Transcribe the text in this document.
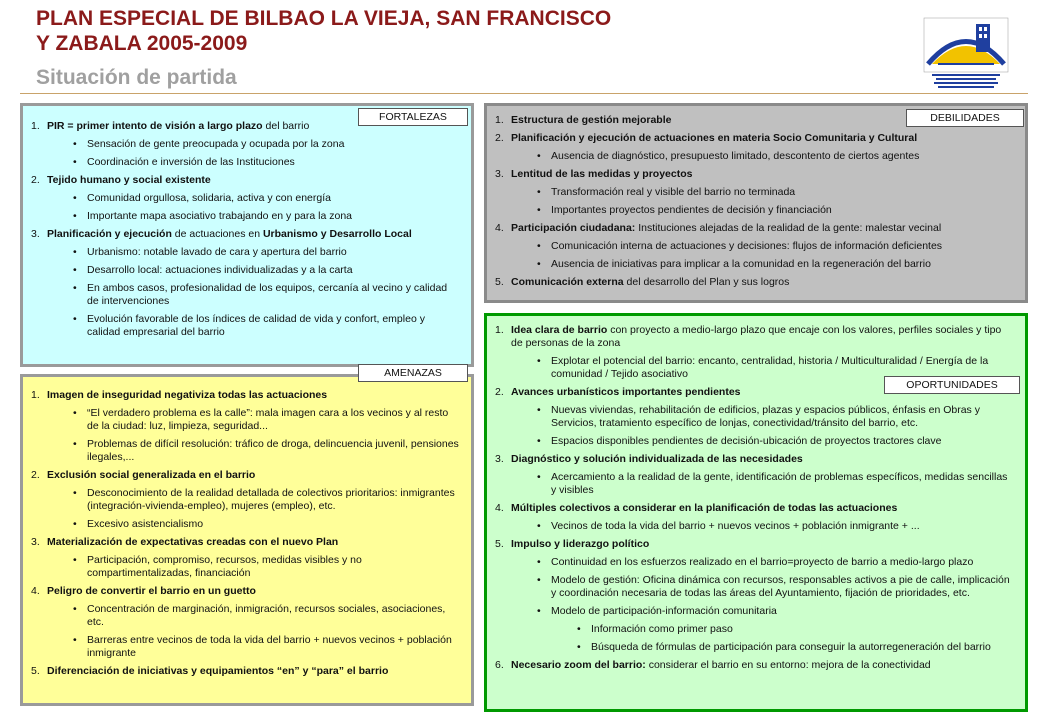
PLAN ESPECIAL DE BILBAO LA VIEJA, SAN FRANCISCO
Y ZABALA 2005-2009
Situación de partida
1. PIR = primer intento de visión a largo plazo del barrio
• Sensación de gente preocupada y ocupada por la zona
• Coordinación e inversión de las Instituciones
2. Tejido humano y social existente
• Comunidad orgullosa, solidaria, activa y con energía
• Importante mapa asociativo trabajando en y para la zona
3. Planificación y ejecución de actuaciones en Urbanismo y Desarrollo Local
• Urbanismo: notable lavado de cara y apertura del barrio
• Desarrollo local: actuaciones individualizadas y a la carta
• En ambos casos, profesionalidad de los equipos, cercanía al vecino y calidad de intervenciones
• Evolución favorable de los índices de calidad de vida y confort, empleo y calidad empresarial del barrio
FORTALEZAS	1. Estructura de gestión mejorable
2. Planificación y ejecución de actuaciones en materia Socio Comunitaria y Cultural
• Ausencia de diagnóstico, presupuesto limitado, descontento de ciertos agentes
3. Lentitud de las medidas y proyectos
• Transformación real y visible del barrio no terminada
• Importantes proyectos pendientes de decisión y financiación
4. Participación ciudadana: Instituciones alejadas de la realidad de la gente: malestar vecinal
• Comunicación interna de actuaciones y decisiones: flujos de información deficientes
• Ausencia de iniciativas para implicar a la comunidad en la regeneración del barrio
5. Comunicación externa del desarrollo del Plan y sus logros
DEBILIDADES
1. Imagen de inseguridad negativiza todas las actuaciones
• “El verdadero problema es la calle”: mala imagen cara a los vecinos y al resto de la ciudad: luz, limpieza, seguridad...
• Problemas de difícil resolución: tráfico de droga, delincuencia juvenil, pensiones ilegales,...
2. Exclusión social generalizada en el barrio
• Desconocimiento de la realidad detallada de colectivos prioritarios: inmigrantes (integración-vivienda-empleo), mujeres (empleo), etc.
• Excesivo asistencialismo
3. Materialización de expectativas creadas con el nuevo Plan
• Participación, compromiso, recursos, medidas visibles y no compartimentalizadas, financiación
4. Peligro de convertir el barrio en un guetto
• Concentración de marginación, inmigración, recursos sociales, asociaciones, etc.
• Barreras entre vecinos de toda la vida del barrio + nuevos vecinos + población inmigrante
5. Diferenciación de iniciativas y equipamientos “en” y “para” el barrio
AMENAZAS
1. Idea clara de barrio con proyecto a medio-largo plazo que encaje con los valores, perfiles sociales y tipo de personas de la zona
• Explotar el potencial del barrio: encanto, centralidad, historia / Multiculturalidad / Energía de la comunidad / Tejido asociativo
2. Avances urbanísticos importantes pendientes
• Nuevas viviendas, rehabilitación de edificios, plazas y espacios públicos, énfasis en Obras y Servicios, tratamiento específico de lonjas, conectividad/tránsito del barrio, etc.
• Espacios disponibles pendientes de decisión-ubicación de proyectos tractores clave
3. Diagnóstico y solución individualizada de las necesidades
• Acercamiento a la realidad de la gente, identificación de problemas específicos, medidas sencillas y visibles
4. Múltiples colectivos a considerar en la planificación de todas las actuaciones
• Vecinos de toda la vida del barrio + nuevos vecinos + población inmigrante + ...
5. Impulso y liderazgo político
• Continuidad en los esfuerzos realizado en el barrio=proyecto de barrio a medio-largo plazo
• Modelo de gestión: Oficina dinámica con recursos, responsables activos a pie de calle, implicación y coordinación necesaria de todas las áreas del Ayuntamiento, fijación de prioridades, etc.
• Modelo de participación-información comunitaria
• Información como primer paso
• Búsqueda de fórmulas de participación para conseguir la autorregeneración del barrio
6. Necesario zoom del barrio: considerar el barrio en su entorno: mejora de la conectividad
OPORTUNIDADES
